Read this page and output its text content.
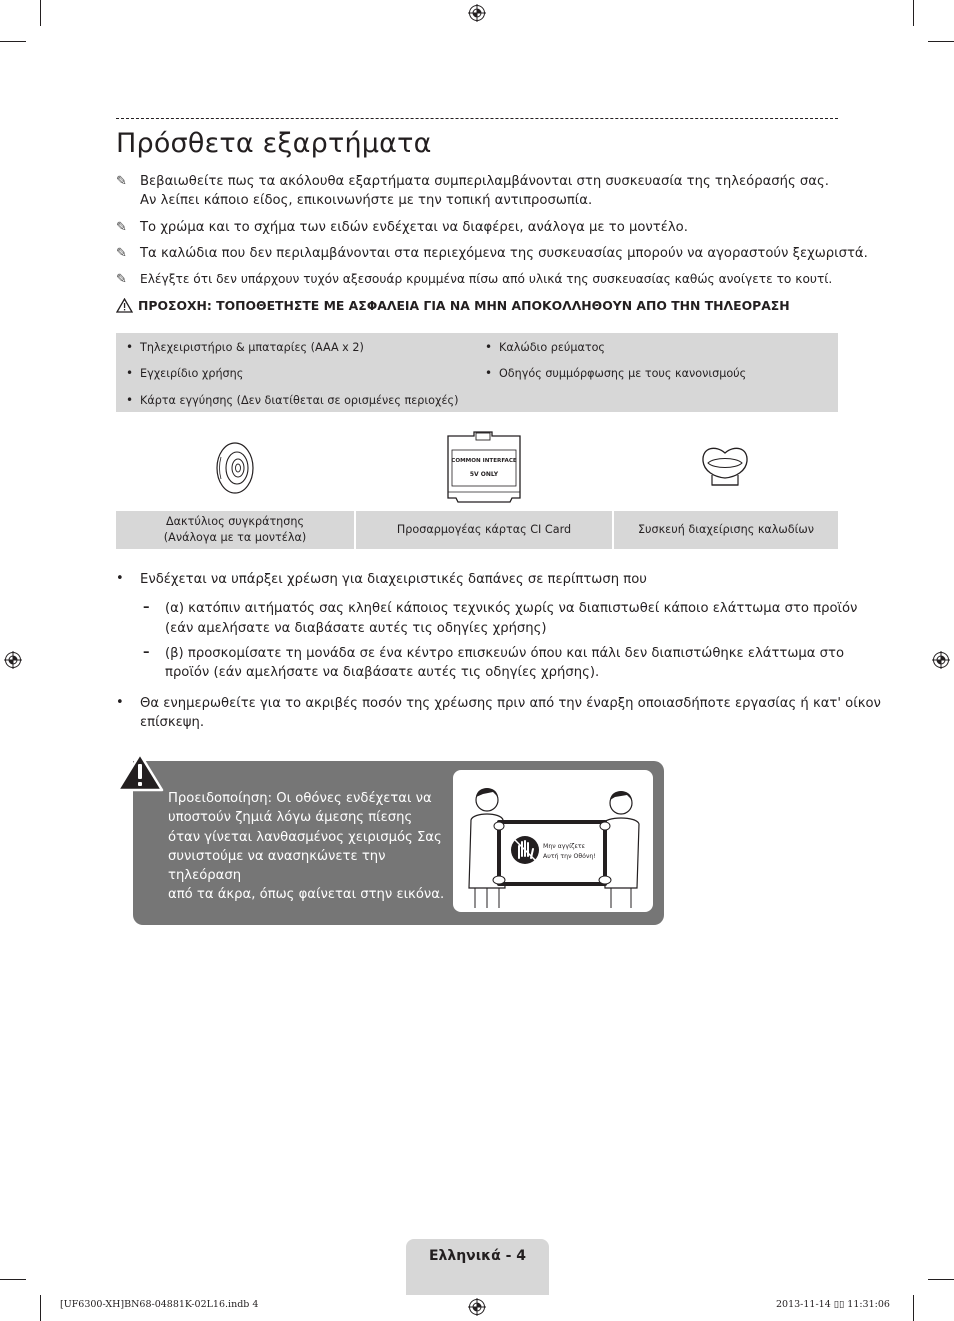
Πρόσθετα εξαρτήματα
✎ Βεβαιωθείτε πως τα ακόλουθα εξαρτήματα συμπεριλαμβάνονται στη συσκευασία της τηλεόρασής σας.
Αν λείπει κάποιο είδος, επικοινωνήστε με την τοπική αντιπροσωπία.
✎ Το χρώμα και το σχήμα των ειδών ενδέχεται να διαφέρει, ανάλογα με το μοντέλο.
✎ Τα καλώδια που δεν περιλαμβάνονται στα περιεχόμενα της συσκευασίας μπορούν να αγοραστούν ξεχωριστά.
✎	Ελέγξτε ότι δεν υπάρχουν τυχόν αξεσουάρ κρυμμένα πίσω από υλικά της συσκευασίας καθώς ανοίγετε το κουτί.
ΠΡΟΣΟΧΗ: ΤΟΠΟΘΕΤΗΣΤΕ ΜΕ ΑΣΦΑΛΕΙΑ ΓΙΑ ΝΑ ΜΗΝ ΑΠΟΚΟΛΛΗΘΟΥΝ ΑΠΟ ΤΗΝ ΤΗΛΕΟΡΑΣΗ
• Τηλεχειριστήριο & μπαταρίες (AAA x 2)	• Καλώδιο ρεύματος
• Εγχειρίδιο χρήσης	• Οδηγός συμμόρφωσης με τους κανονισμούς
• Κάρτα εγγύησης (Δεν διατίθεται σε ορισμένες περιοχές)
COMMON INTERFACE
5V ONLY
Δακτύλιος συγκράτησης
(Ανάλογα με τα μοντέλα)
Προσαρμογέας κάρτας CI Card	Συσκευή διαχείρισης καλωδίων
• Ενδέχεται να υπάρξει χρέωση για διαχειριστικές δαπάνες σε περίπτωση που
– (α) κατόπιν αιτήματός σας κληθεί κάποιος τεχνικός χωρίς να διαπιστωθεί κάποιο ελάττωμα στο προϊόν
(εάν αμελήσατε να διαβάσατε αυτές τις οδηγίες χρήσης)
– (β) προσκομίσατε τη μονάδα σε ένα κέντρο επισκευών όπου και πάλι δεν διαπιστώθηκε ελάττωμα στο
προϊόν (εάν αμελήσατε να διαβάσατε αυτές τις οδηγίες χρήσης).
• Θα ενημερωθείτε για το ακριβές ποσόν της χρέωσης πριν από την έναρξη οποιασδήποτε εργασίας ή κατ' οίκον
επίσκεψη.
Προειδοποίηση: Οι οθόνες ενδέχεται να
υποστούν ζημιά λόγω άμεσης πίεσης
όταν γίνεται λανθασμένος χειρισμός Σας
συνιστούμε να ανασηκώνετε την τηλεόραση
από τα άκρα, όπως φαίνεται στην εικόνα.
Μην αγγίζετε
Αυτή την Οθόνη!
Ελληνικά - 4
[UF6300-XH]BN68-04881K-02L16.indb 4	2013-11-14 ▯▯ 11:31:06
